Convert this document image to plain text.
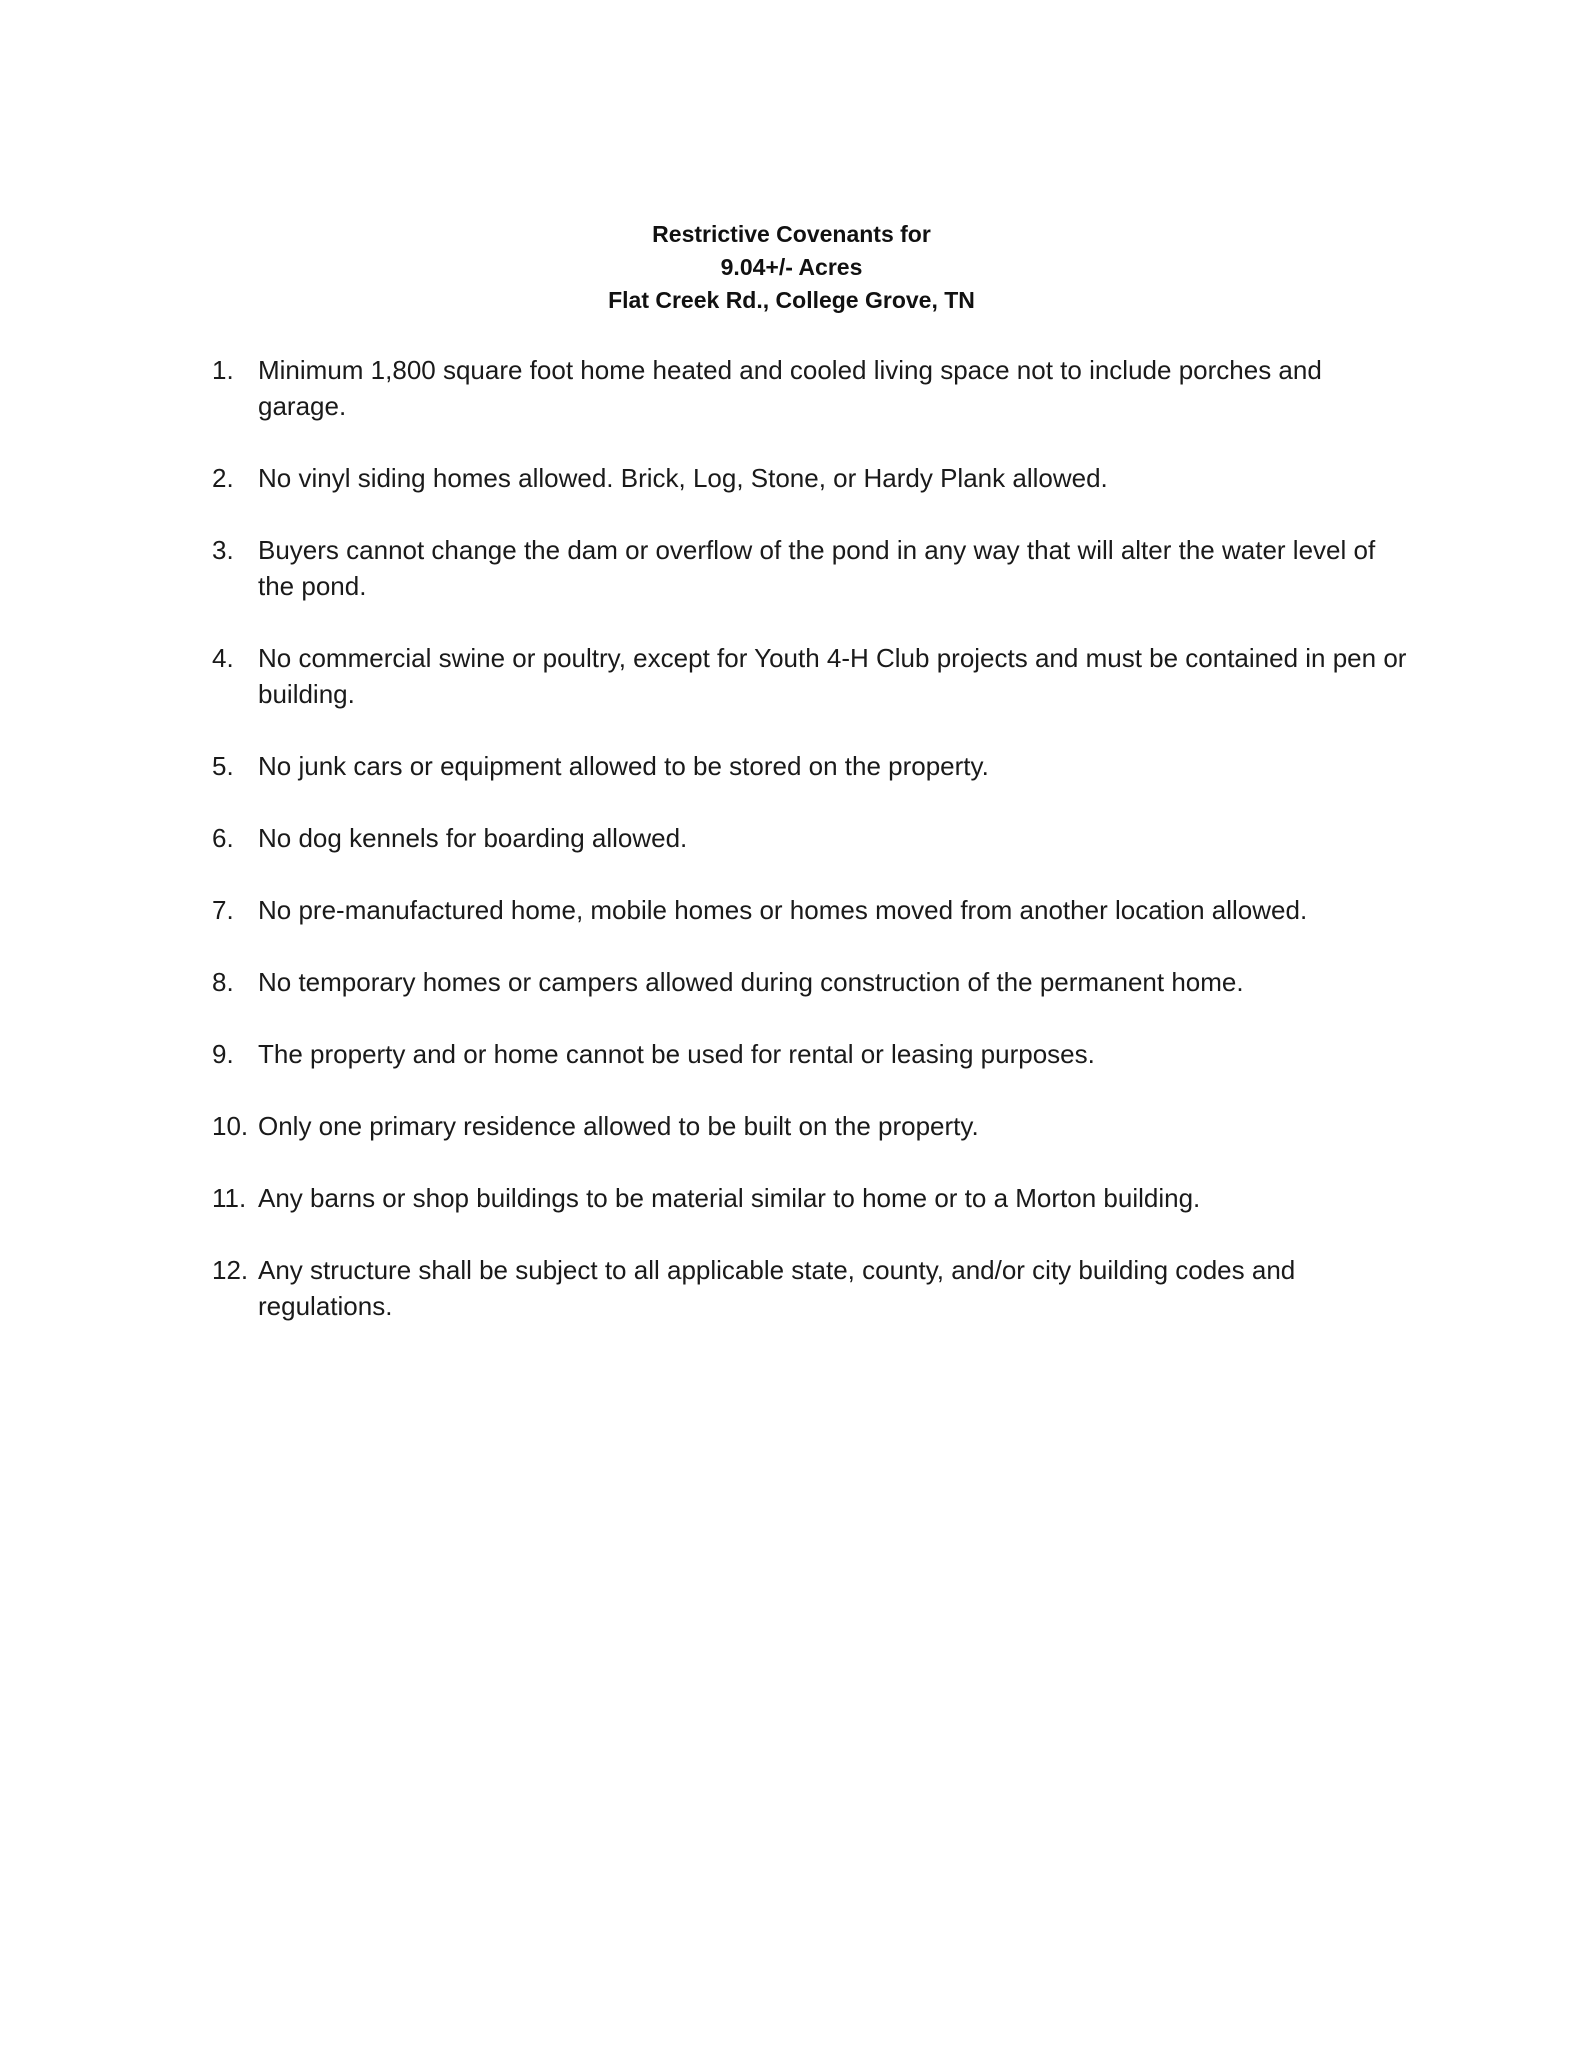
Restrictive Covenants for
9.04+/- Acres
Flat Creek Rd., College Grove, TN
1. Minimum 1,800 square foot home heated and cooled living space not to include porches and garage.
2. No vinyl siding homes allowed. Brick, Log, Stone, or Hardy Plank allowed.
3. Buyers cannot change the dam or overflow of the pond in any way that will alter the water level of the pond.
4. No commercial swine or poultry, except for Youth 4-H Club projects and must be contained in pen or building.
5. No junk cars or equipment allowed to be stored on the property.
6. No dog kennels for boarding allowed.
7. No pre-manufactured home, mobile homes or homes moved from another location allowed.
8. No temporary homes or campers allowed during construction of the permanent home.
9. The property and or home cannot be used for rental or leasing purposes.
10. Only one primary residence allowed to be built on the property.
11. Any barns or shop buildings to be material similar to home or to a Morton building.
12. Any structure shall be subject to all applicable state, county, and/or city building codes and regulations.
